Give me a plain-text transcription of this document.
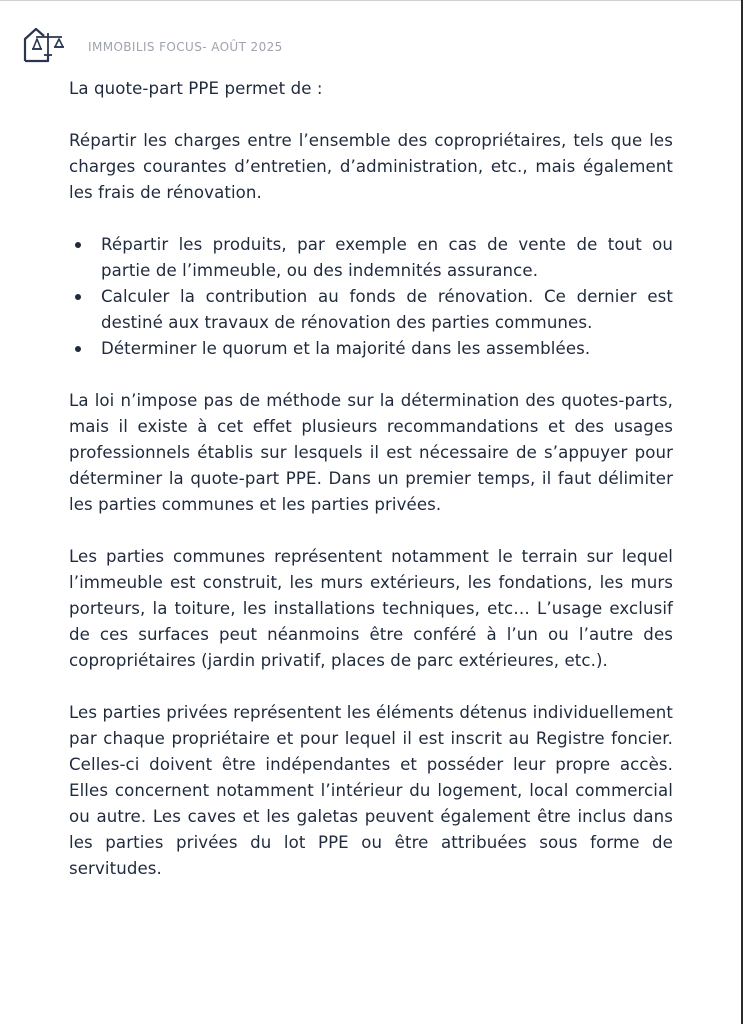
IMMOBILIS FOCUS- AOÛT 2025

La quote-part PPE permet de :

Répartir les charges entre l’ensemble des copropriétaires, tels que les charges courantes d’entretien, d’administration, etc., mais également les frais de rénovation.

Répartir les produits, par exemple en cas de vente de tout ou partie de l’immeuble, ou des indemnités assurance.
Calculer la contribution au fonds de rénovation. Ce dernier est destiné aux travaux de rénovation des parties communes.
Déterminer le quorum et la majorité dans les assemblées.

La loi n’impose pas de méthode sur la détermination des quotes-parts, mais il existe à cet effet plusieurs recommandations et des usages professionnels établis sur lesquels il est nécessaire de s’appuyer pour déterminer la quote-part PPE. Dans un premier temps, il faut délimiter les parties communes et les parties privées.

Les parties communes représentent notamment le terrain sur lequel l’immeuble est construit, les murs extérieurs, les fondations, les murs porteurs, la toiture, les installations techniques, etc… L’usage exclusif de ces surfaces peut néanmoins être conféré à l’un ou l’autre des copropriétaires (jardin privatif, places de parc extérieures, etc.).

Les parties privées représentent les éléments détenus individuellement par chaque propriétaire et pour lequel il est inscrit au Registre foncier. Celles-ci doivent être indépendantes et posséder leur propre accès. Elles concernent notamment l’intérieur du logement, local commercial ou autre. Les caves et les galetas peuvent également être inclus dans les parties privées du lot PPE ou être attribuées sous forme de servitudes.
